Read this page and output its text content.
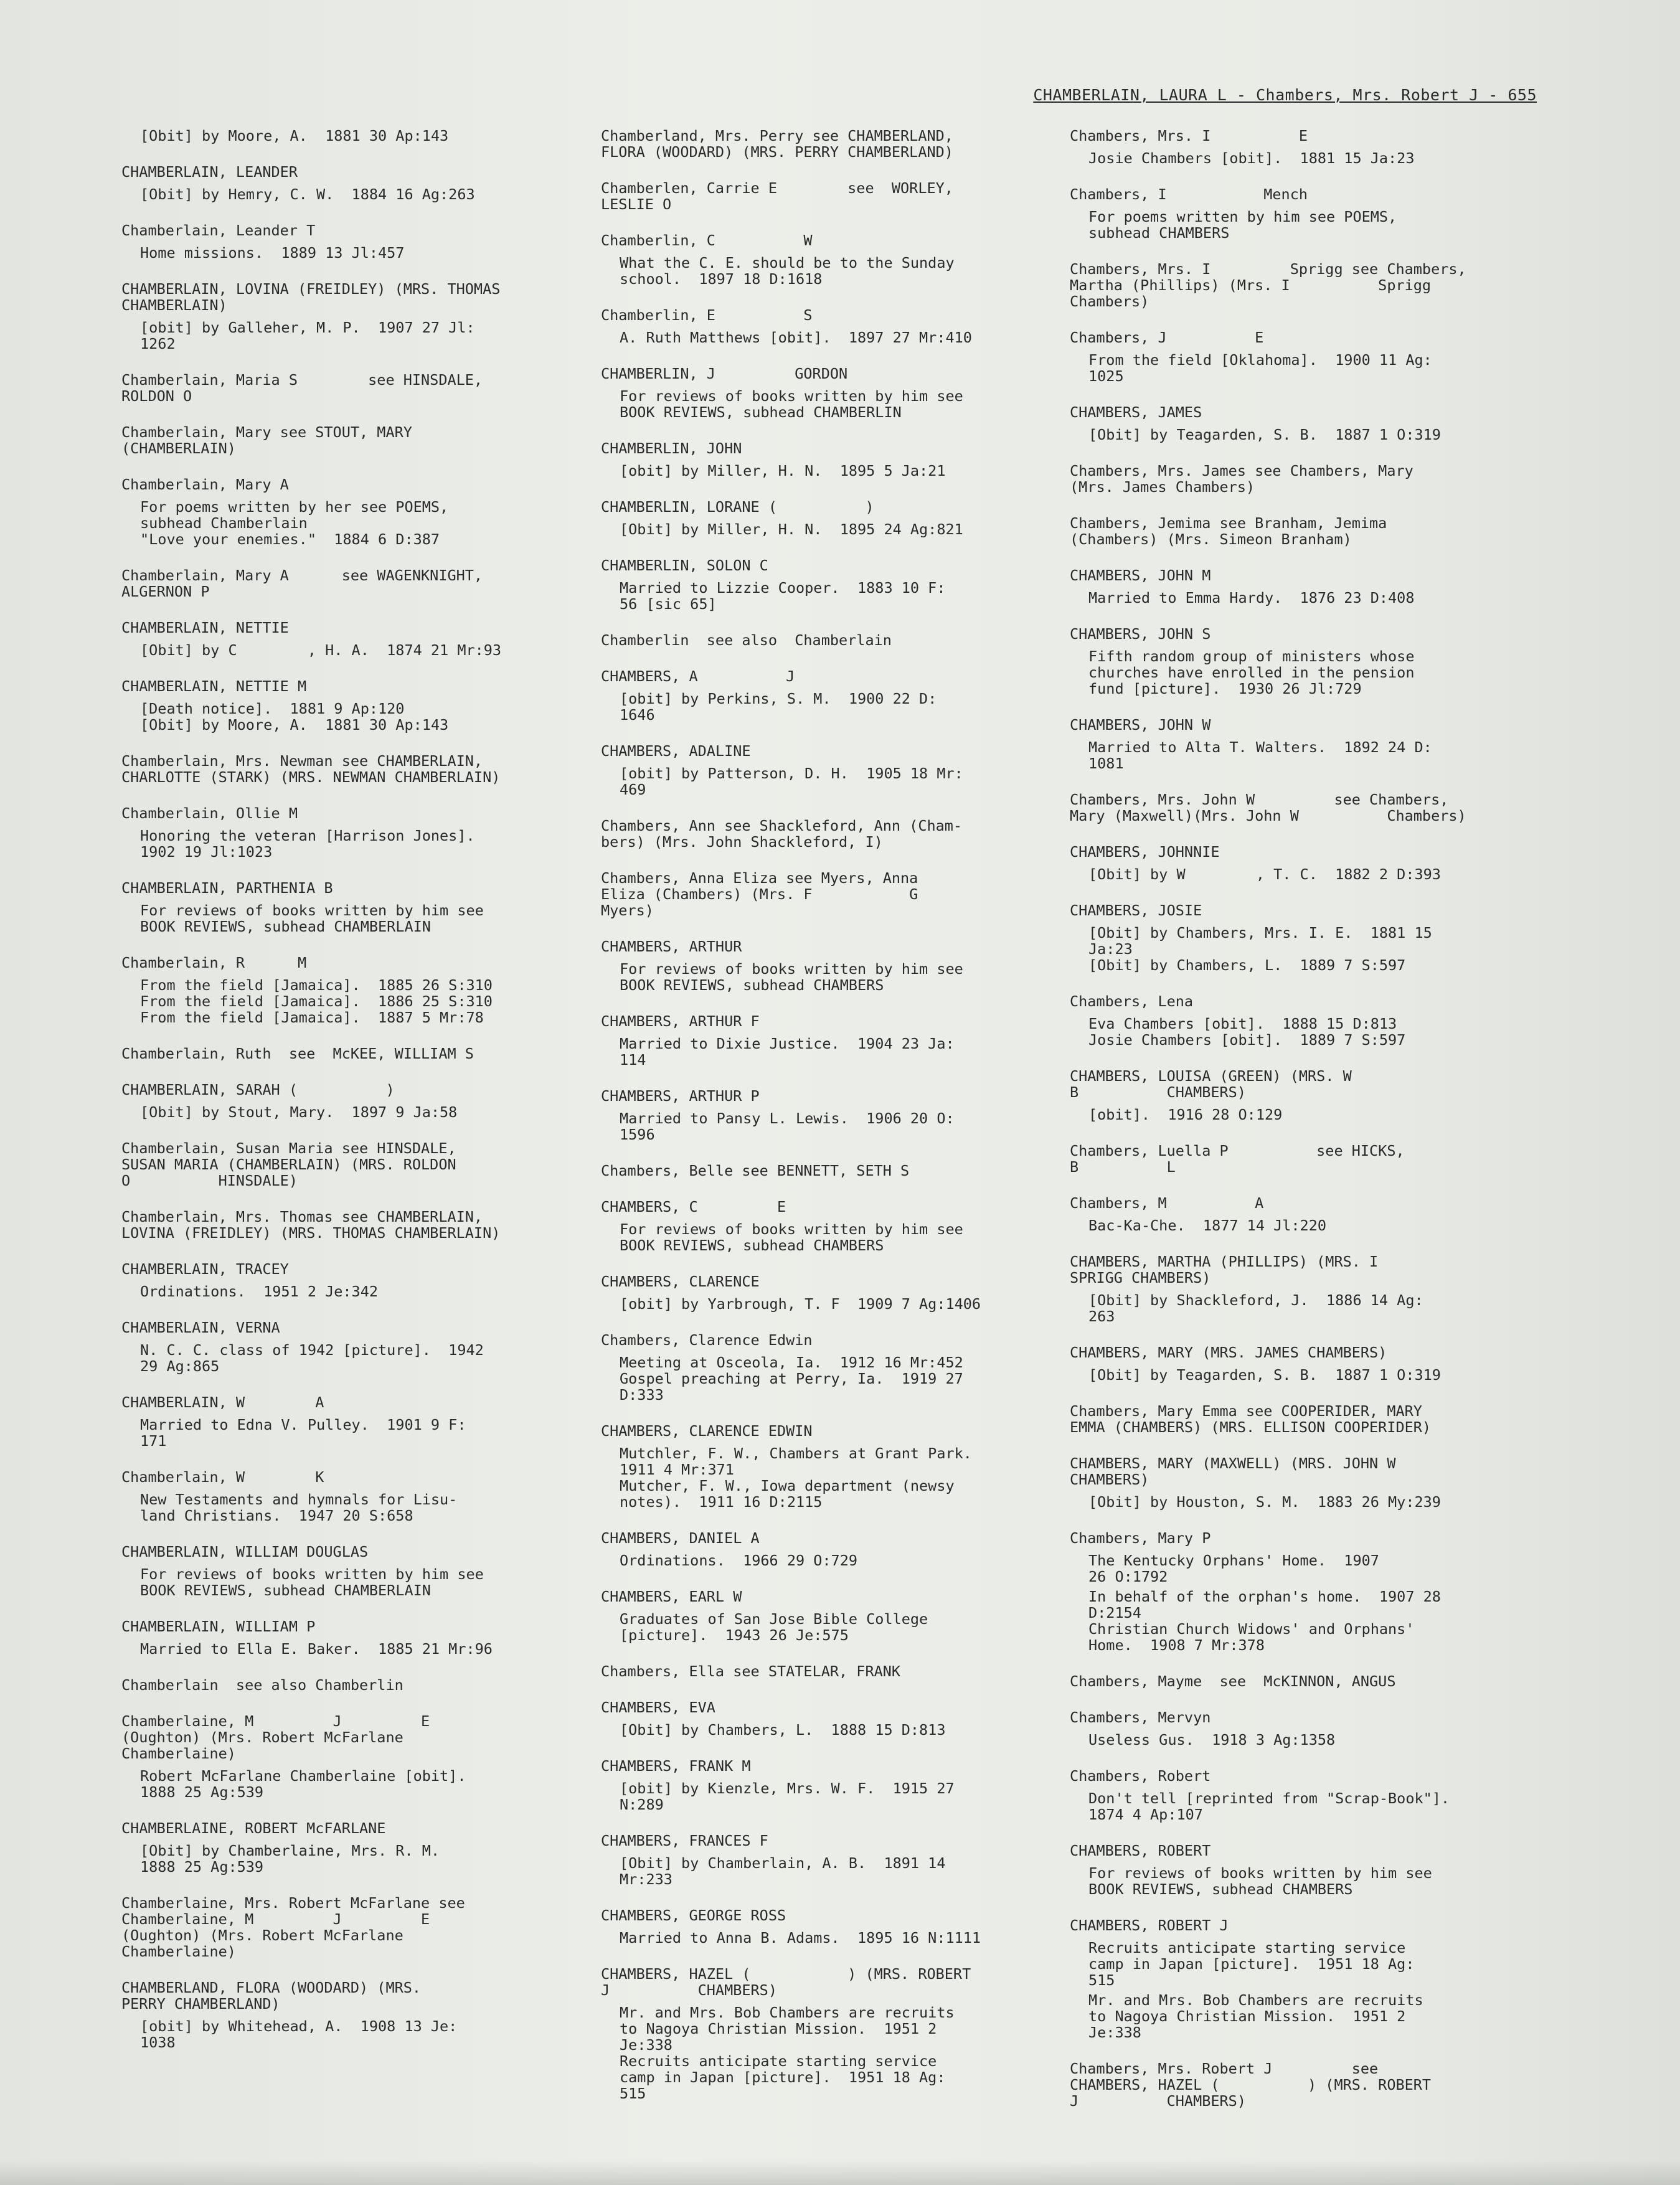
CHAMBERLAIN, LAURA L - Chambers, Mrs. Robert J - 655
[Obit] by Moore, A.  1881 30 Ap:143
CHAMBERLAIN, LEANDER
[Obit] by Hemry, C. W.  1884 16 Ag:263
Chamberlain, Leander T
Home missions.  1889 13 Jl:457
CHAMBERLAIN, LOVINA (FREIDLEY) (MRS. THOMAS
CHAMBERLAIN)
[obit] by Galleher, M. P.  1907 27 Jl:
1262
Chamberlain, Maria S        see HINSDALE,
ROLDON O
Chamberlain, Mary see STOUT, MARY
(CHAMBERLAIN)
Chamberlain, Mary A
For poems written by her see POEMS,
subhead Chamberlain
"Love your enemies."  1884 6 D:387
Chamberlain, Mary A      see WAGENKNIGHT,
ALGERNON P
CHAMBERLAIN, NETTIE
[Obit] by C        , H. A.  1874 21 Mr:93
CHAMBERLAIN, NETTIE M
[Death notice].  1881 9 Ap:120
[Obit] by Moore, A.  1881 30 Ap:143
Chamberlain, Mrs. Newman see CHAMBERLAIN,
CHARLOTTE (STARK) (MRS. NEWMAN CHAMBERLAIN)
Chamberlain, Ollie M
Honoring the veteran [Harrison Jones].
1902 19 Jl:1023
CHAMBERLAIN, PARTHENIA B
For reviews of books written by him see
BOOK REVIEWS, subhead CHAMBERLAIN
Chamberlain, R      M
From the field [Jamaica].  1885 26 S:310
From the field [Jamaica].  1886 25 S:310
From the field [Jamaica].  1887 5 Mr:78
Chamberlain, Ruth  see  McKEE, WILLIAM S
CHAMBERLAIN, SARAH (          )
[Obit] by Stout, Mary.  1897 9 Ja:58
Chamberlain, Susan Maria see HINSDALE,
SUSAN MARIA (CHAMBERLAIN) (MRS. ROLDON
O          HINSDALE)
Chamberlain, Mrs. Thomas see CHAMBERLAIN,
LOVINA (FREIDLEY) (MRS. THOMAS CHAMBERLAIN)
CHAMBERLAIN, TRACEY
Ordinations.  1951 2 Je:342
CHAMBERLAIN, VERNA
N. C. C. class of 1942 [picture].  1942
29 Ag:865
CHAMBERLAIN, W        A
Married to Edna V. Pulley.  1901 9 F:
171
Chamberlain, W        K
New Testaments and hymnals for Lisu-
land Christians.  1947 20 S:658
CHAMBERLAIN, WILLIAM DOUGLAS
For reviews of books written by him see
BOOK REVIEWS, subhead CHAMBERLAIN
CHAMBERLAIN, WILLIAM P
Married to Ella E. Baker.  1885 21 Mr:96
Chamberlain  see also Chamberlin
Chamberlaine, M         J         E
(Oughton) (Mrs. Robert McFarlane
Chamberlaine)
Robert McFarlane Chamberlaine [obit].
1888 25 Ag:539
CHAMBERLAINE, ROBERT McFARLANE
[Obit] by Chamberlaine, Mrs. R. M.
1888 25 Ag:539
Chamberlaine, Mrs. Robert McFarlane see
Chamberlaine, M         J         E
(Oughton) (Mrs. Robert McFarlane
Chamberlaine)
CHAMBERLAND, FLORA (WOODARD) (MRS.
PERRY CHAMBERLAND)
[obit] by Whitehead, A.  1908 13 Je:
1038
Chamberland, Mrs. Perry see CHAMBERLAND,
FLORA (WOODARD) (MRS. PERRY CHAMBERLAND)
Chamberlen, Carrie E        see  WORLEY,
LESLIE O
Chamberlin, C          W
What the C. E. should be to the Sunday
school.  1897 18 D:1618
Chamberlin, E          S
A. Ruth Matthews [obit].  1897 27 Mr:410
CHAMBERLIN, J         GORDON
For reviews of books written by him see
BOOK REVIEWS, subhead CHAMBERLIN
CHAMBERLIN, JOHN
[obit] by Miller, H. N.  1895 5 Ja:21
CHAMBERLIN, LORANE (          )
[Obit] by Miller, H. N.  1895 24 Ag:821
CHAMBERLIN, SOLON C
Married to Lizzie Cooper.  1883 10 F:
56 [sic 65]
Chamberlin  see also  Chamberlain
CHAMBERS, A          J
[obit] by Perkins, S. M.  1900 22 D:
1646
CHAMBERS, ADALINE
[obit] by Patterson, D. H.  1905 18 Mr:
469
Chambers, Ann see Shackleford, Ann (Cham-
bers) (Mrs. John Shackleford, I)
Chambers, Anna Eliza see Myers, Anna
Eliza (Chambers) (Mrs. F           G
Myers)
CHAMBERS, ARTHUR
For reviews of books written by him see
BOOK REVIEWS, subhead CHAMBERS
CHAMBERS, ARTHUR F
Married to Dixie Justice.  1904 23 Ja:
114
CHAMBERS, ARTHUR P
Married to Pansy L. Lewis.  1906 20 O:
1596
Chambers, Belle see BENNETT, SETH S
CHAMBERS, C         E
For reviews of books written by him see
BOOK REVIEWS, subhead CHAMBERS
CHAMBERS, CLARENCE
[obit] by Yarbrough, T. F  1909 7 Ag:1406
Chambers, Clarence Edwin
Meeting at Osceola, Ia.  1912 16 Mr:452
Gospel preaching at Perry, Ia.  1919 27
D:333
CHAMBERS, CLARENCE EDWIN
Mutchler, F. W., Chambers at Grant Park.
1911 4 Mr:371
Mutcher, F. W., Iowa department (newsy
notes).  1911 16 D:2115
CHAMBERS, DANIEL A
Ordinations.  1966 29 O:729
CHAMBERS, EARL W
Graduates of San Jose Bible College
[picture].  1943 26 Je:575
Chambers, Ella see STATELAR, FRANK
CHAMBERS, EVA
[Obit] by Chambers, L.  1888 15 D:813
CHAMBERS, FRANK M
[obit] by Kienzle, Mrs. W. F.  1915 27
N:289
CHAMBERS, FRANCES F
[Obit] by Chamberlain, A. B.  1891 14
Mr:233
CHAMBERS, GEORGE ROSS
Married to Anna B. Adams.  1895 16 N:1111
CHAMBERS, HAZEL (           ) (MRS. ROBERT
J          CHAMBERS)
Mr. and Mrs. Bob Chambers are recruits
to Nagoya Christian Mission.  1951 2
Je:338
Recruits anticipate starting service
camp in Japan [picture].  1951 18 Ag:
515
Chambers, Mrs. I          E
Josie Chambers [obit].  1881 15 Ja:23
Chambers, I           Mench
For poems written by him see POEMS,
subhead CHAMBERS
Chambers, Mrs. I         Sprigg see Chambers,
Martha (Phillips) (Mrs. I          Sprigg
Chambers)
Chambers, J          E
From the field [Oklahoma].  1900 11 Ag:
1025
CHAMBERS, JAMES
[Obit] by Teagarden, S. B.  1887 1 O:319
Chambers, Mrs. James see Chambers, Mary
(Mrs. James Chambers)
Chambers, Jemima see Branham, Jemima
(Chambers) (Mrs. Simeon Branham)
CHAMBERS, JOHN M
Married to Emma Hardy.  1876 23 D:408
CHAMBERS, JOHN S
Fifth random group of ministers whose
churches have enrolled in the pension
fund [picture].  1930 26 Jl:729
CHAMBERS, JOHN W
Married to Alta T. Walters.  1892 24 D:
1081
Chambers, Mrs. John W         see Chambers,
Mary (Maxwell)(Mrs. John W          Chambers)
CHAMBERS, JOHNNIE
[Obit] by W        , T. C.  1882 2 D:393
CHAMBERS, JOSIE
[Obit] by Chambers, Mrs. I. E.  1881 15
Ja:23
[Obit] by Chambers, L.  1889 7 S:597
Chambers, Lena
Eva Chambers [obit].  1888 15 D:813
Josie Chambers [obit].  1889 7 S:597
CHAMBERS, LOUISA (GREEN) (MRS. W
B          CHAMBERS)
[obit].  1916 28 O:129
Chambers, Luella P          see HICKS,
B          L
Chambers, M          A
Bac-Ka-Che.  1877 14 Jl:220
CHAMBERS, MARTHA (PHILLIPS) (MRS. I
SPRIGG CHAMBERS)
[Obit] by Shackleford, J.  1886 14 Ag:
263
CHAMBERS, MARY (MRS. JAMES CHAMBERS)
[Obit] by Teagarden, S. B.  1887 1 O:319
Chambers, Mary Emma see COOPERIDER, MARY
EMMA (CHAMBERS) (MRS. ELLISON COOPERIDER)
CHAMBERS, MARY (MAXWELL) (MRS. JOHN W
CHAMBERS)
[Obit] by Houston, S. M.  1883 26 My:239
Chambers, Mary P
The Kentucky Orphans' Home.  1907
26 O:1792
In behalf of the orphan's home.  1907 28
D:2154
Christian Church Widows' and Orphans'
Home.  1908 7 Mr:378
Chambers, Mayme  see  McKINNON, ANGUS
Chambers, Mervyn
Useless Gus.  1918 3 Ag:1358
Chambers, Robert
Don't tell [reprinted from "Scrap-Book"].
1874 4 Ap:107
CHAMBERS, ROBERT
For reviews of books written by him see
BOOK REVIEWS, subhead CHAMBERS
CHAMBERS, ROBERT J
Recruits anticipate starting service
camp in Japan [picture].  1951 18 Ag:
515
Mr. and Mrs. Bob Chambers are recruits
to Nagoya Christian Mission.  1951 2
Je:338
Chambers, Mrs. Robert J         see
CHAMBERS, HAZEL (          ) (MRS. ROBERT
J          CHAMBERS)
